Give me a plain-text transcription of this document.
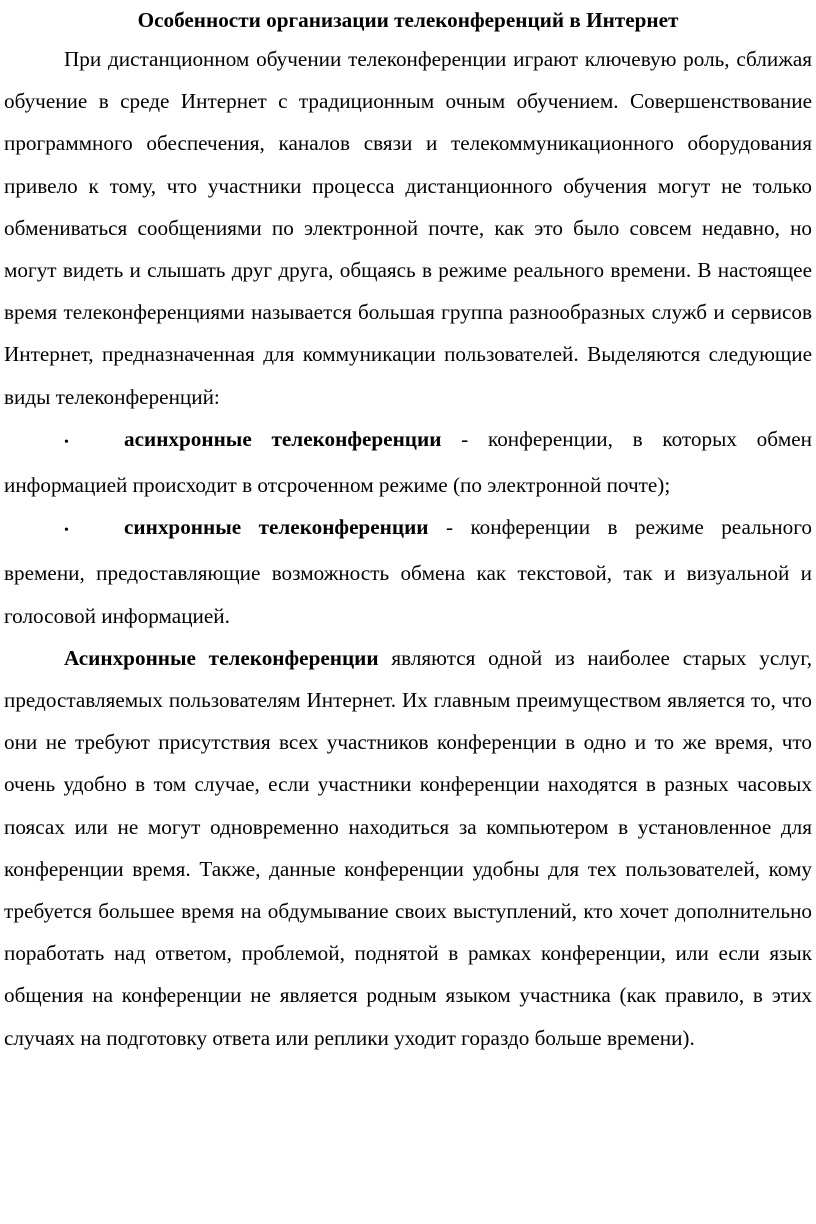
Особенности организации телеконференций в Интернет

При дистанционном обучении телеконференции играют ключевую роль, сближая обучение в среде Интернет с традиционным очным обучением. Совершенствование программного обеспечения, каналов связи и телекоммуникационного оборудования привело к тому, что участники процесса дистанционного обучения могут не только обмениваться сообщениями по электронной почте, как это было совсем недавно, но могут видеть и слышать друг друга, общаясь в режиме реального времени. В настоящее время телеконференциями называется большая группа разнообразных служб и сервисов Интернет, предназначенная для коммуникации пользователей. Выделяются следующие виды телеконференций:

•	асинхронные телеконференции - конференции, в которых обмен информацией происходит в отсроченном режиме (по электронной почте);
•	синхронные телеконференции - конференции в режиме реального времени, предоставляющие возможность обмена как текстовой, так и визуальной и голосовой информацией.

Асинхронные телеконференции являются одной из наиболее старых услуг, предоставляемых пользователям Интернет. Их главным преимуществом является то, что они не требуют присутствия всех участников конференции в одно и то же время, что очень удобно в том случае, если участники конференции находятся в разных часовых поясах или не могут одновременно находиться за компьютером в установленное для конференции время. Также, данные конференции удобны для тех пользователей, кому требуется большее время на обдумывание своих выступлений, кто хочет дополнительно поработать над ответом, проблемой, поднятой в рамках конференции, или если язык общения на конференции не является родным языком участника (как правило, в этих случаях на подготовку ответа или реплики уходит гораздо больше времени).
